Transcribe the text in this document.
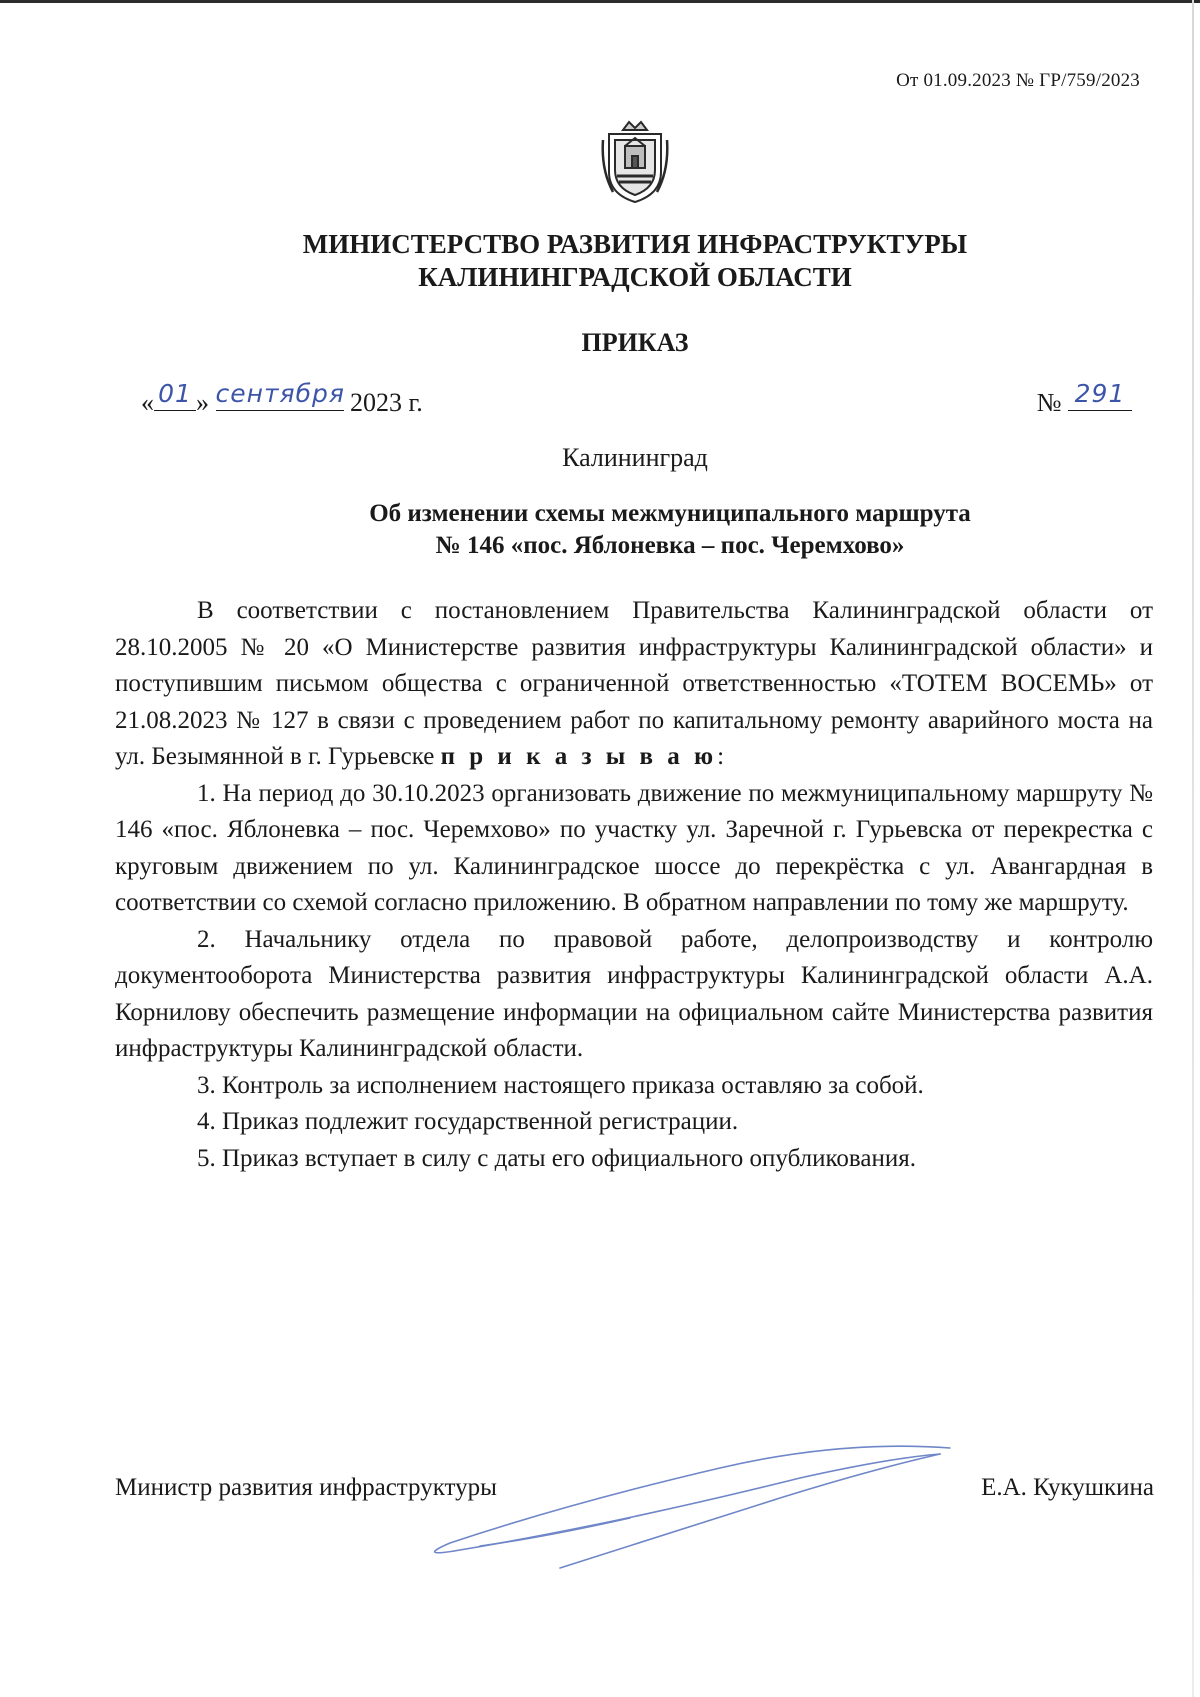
От 01.09.2023 № ГР/759/2023
МИНИСТЕРСТВО РАЗВИТИЯ ИНФРАСТРУКТУРЫ
КАЛИНИНГРАДСКОЙ ОБЛАСТИ
ПРИКАЗ
« 01 » сентября 2023 г.	№ 291
Калининград
Об изменении схемы межмуниципального маршрута
№ 146 «пос. Яблоневка – пос. Черемхово»

В соответствии с постановлением Правительства Калининградской области от 28.10.2005 № 20 «О Министерстве развития инфраструктуры Калининградской области» и поступившим письмом общества с ограниченной ответственностью «ТОТЕМ ВОСЕМЬ» от 21.08.2023 № 127 в связи с проведением работ по капитальному ремонту аварийного моста на ул. Безымянной в г. Гурьевске п р и к а з ы в а ю:

1. На период до 30.10.2023 организовать движение по межмуниципальному маршруту № 146 «пос. Яблоневка – пос. Черемхово» по участку ул. Заречной г. Гурьевска от перекрестка с круговым движением по ул. Калининградское шоссе до перекрёстка с ул. Авангардная в соответствии со схемой согласно приложению. В обратном направлении по тому же маршруту.

2. Начальнику отдела по правовой работе, делопроизводству и контролю документооборота Министерства развития инфраструктуры Калининградской области А.А. Корнилову обеспечить размещение информации на официальном сайте Министерства развития инфраструктуры Калининградской области.

3. Контроль за исполнением настоящего приказа оставляю за собой.

4. Приказ подлежит государственной регистрации.

5. Приказ вступает в силу с даты его официального опубликования.

Министр развития инфраструктуры	Е.А. Кукушкина
